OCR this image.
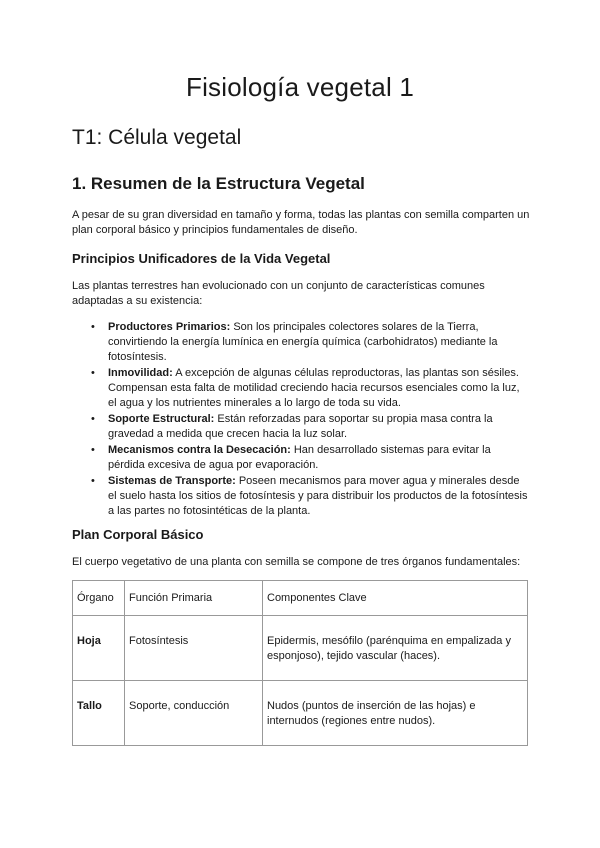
Fisiología vegetal 1
T1: Célula vegetal
1. Resumen de la Estructura Vegetal

A pesar de su gran diversidad en tamaño y forma, todas las plantas con semilla comparten un plan corporal básico y principios fundamentales de diseño.

Principios Unificadores de la Vida Vegetal

Las plantas terrestres han evolucionado con un conjunto de características comunes adaptadas a su existencia:

• Productores Primarios: Son los principales colectores solares de la Tierra, convirtiendo la energía lumínica en energía química (carbohidratos) mediante la fotosíntesis.
• Inmovilidad: A excepción de algunas células reproductoras, las plantas son sésiles. Compensan esta falta de motilidad creciendo hacia recursos esenciales como la luz, el agua y los nutrientes minerales a lo largo de toda su vida.
• Soporte Estructural: Están reforzadas para soportar su propia masa contra la gravedad a medida que crecen hacia la luz solar.
• Mecanismos contra la Desecación: Han desarrollado sistemas para evitar la pérdida excesiva de agua por evaporación.
• Sistemas de Transporte: Poseen mecanismos para mover agua y minerales desde el suelo hasta los sitios de fotosíntesis y para distribuir los productos de la fotosíntesis a las partes no fotosintéticas de la planta.
Plan Corporal Básico

El cuerpo vegetativo de una planta con semilla se compone de tres órganos fundamentales:

Órgano	Función Primaria	Componentes Clave
Hoja	Fotosíntesis	Epidermis, mesófilo (parénquima en empalizada y esponjoso), tejido vascular (haces).
Tallo	Soporte, conducción	Nudos (puntos de inserción de las hojas) e internudos (regiones entre nudos).
